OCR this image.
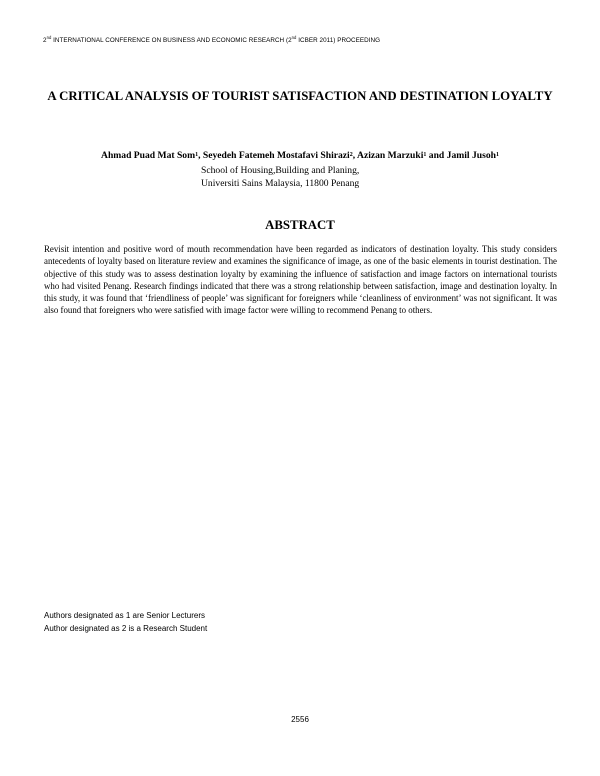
2nd INTERNATIONAL CONFERENCE ON BUSINESS AND ECONOMIC RESEARCH (2nd ICBER 2011) PROCEEDING
A CRITICAL ANALYSIS OF TOURIST SATISFACTION AND DESTINATION LOYALTY
Ahmad Puad Mat Som$^1$, Seyedeh Fatemeh Mostafavi Shirazi$^2$, Azizan Marzuki$^1$ and Jamil Jusoh$^1$
School of Housing,Building and Planing,
Universiti Sains Malaysia, 11800 Penang
ABSTRACT
Revisit intention and positive word of mouth recommendation have been regarded as indicators of destination loyalty. This study considers antecedents of loyalty based on literature review and examines the significance of image, as one of the basic elements in tourist destination. The objective of this study was to assess destination loyalty by examining the influence of satisfaction and image factors on international tourists who had visited Penang. Research findings indicated that there was a strong relationship between satisfaction, image and destination loyalty. In this study, it was found that ‘friendliness of people’ was significant for foreigners while ‘cleanliness of environment’ was not significant. It was also found that foreigners who were satisfied with image factor were willing to recommend Penang to others.
Authors designated as 1 are Senior Lecturers
Author designated as 2 is a Research Student
2556
